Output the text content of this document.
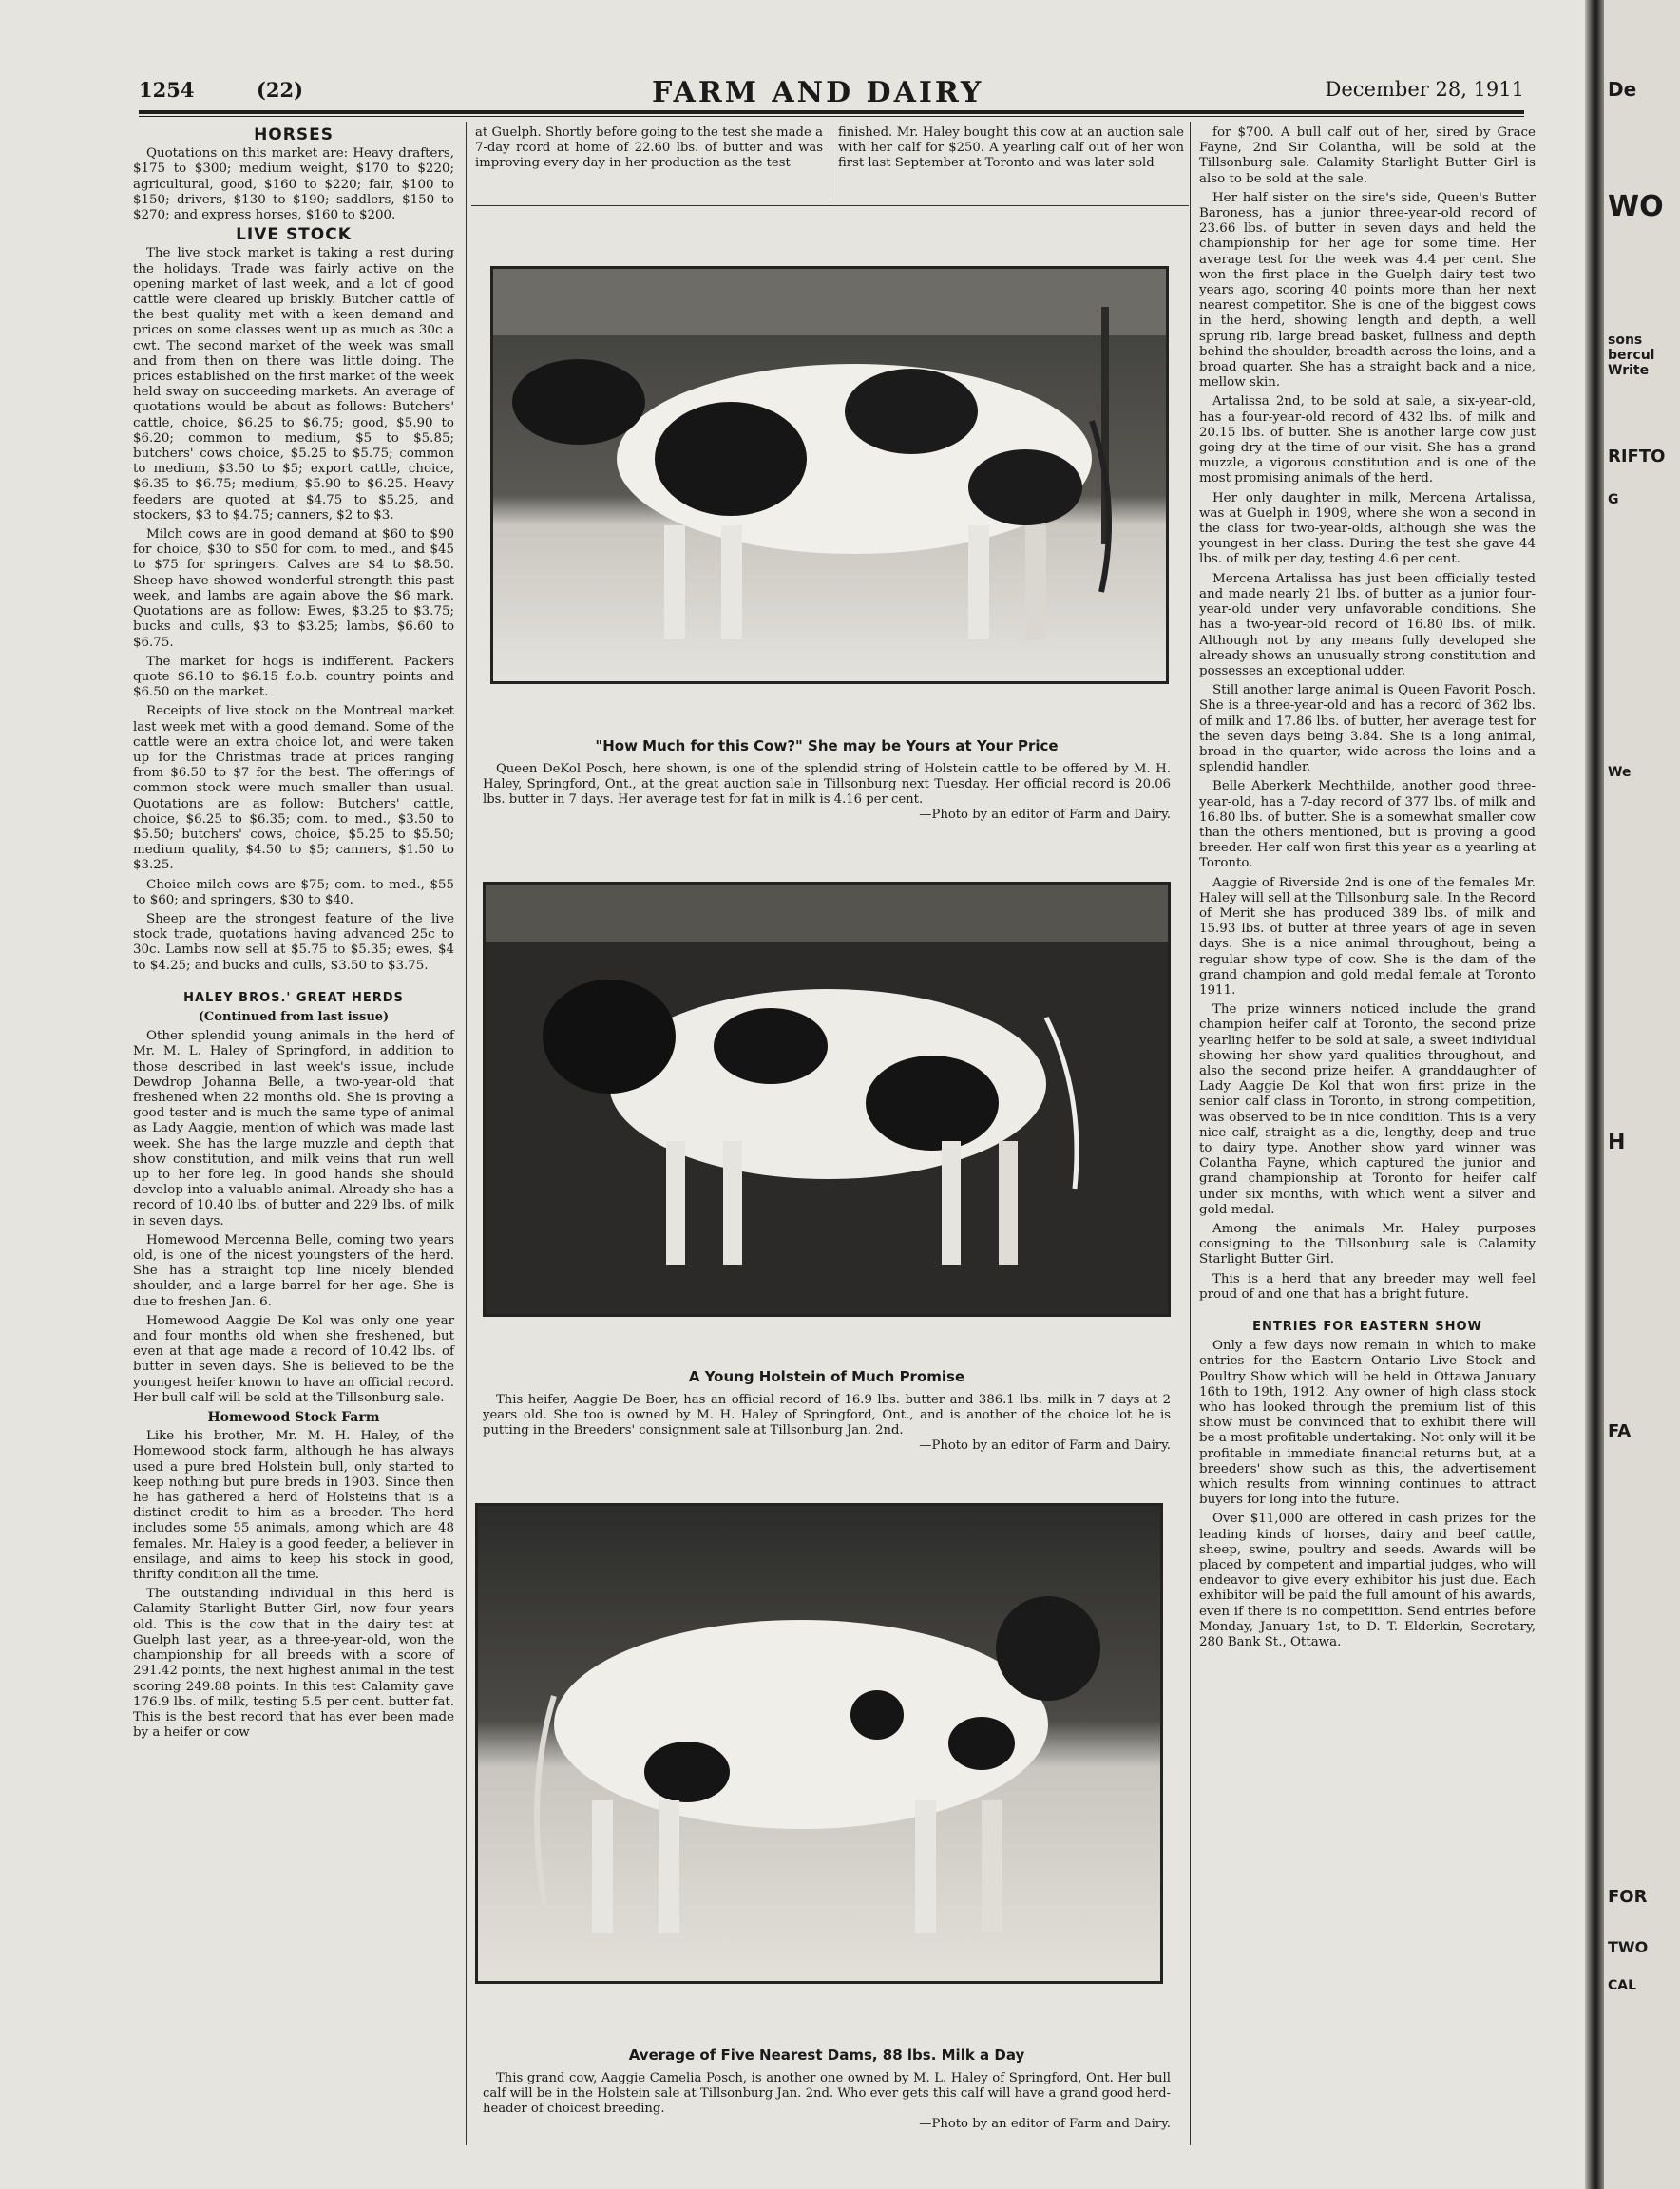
1254	(22)	FARM AND DAIRY	December 28, 1911
HORSES

Quotations on this market are: Heavy drafters, $175 to $300; medium weight, $170 to $220; agricultural, good, $160 to $220; fair, $100 to $150; drivers, $130 to $190; saddlers, $150 to $270; and express horses, $160 to $200.

LIVE STOCK

The live stock market is taking a rest during the holidays. Trade was fairly active on the opening market of last week, and a lot of good cattle were cleared up briskly. Butcher cattle of the best quality met with a keen demand and prices on some classes went up as much as 30c a cwt. The second market of the week was small and from then on there was little doing. The prices established on the first market of the week held sway on succeeding markets. An average of quotations would be about as follows: Butchers' cattle, choice, $6.25 to $6.75; good, $5.90 to $6.20; common to medium, $5 to $5.85; butchers' cows choice, $5.25 to $5.75; common to medium, $3.50 to $5; export cattle, choice, $6.35 to $6.75; medium, $5.90 to $6.25. Heavy feeders are quoted at $4.75 to $5.25, and stockers, $3 to $4.75; canners, $2 to $3.

Milch cows are in good demand at $60 to $90 for choice, $30 to $50 for com. to med., and $45 to $75 for springers. Calves are $4 to $8.50. Sheep have showed wonderful strength this past week, and lambs are again above the $6 mark. Quotations are as follow: Ewes, $3.25 to $3.75; bucks and culls, $3 to $3.25; lambs, $6.60 to $6.75.

The market for hogs is indifferent. Packers quote $6.10 to $6.15 f.o.b. country points and $6.50 on the market.

Receipts of live stock on the Montreal market last week met with a good demand. Some of the cattle were an extra choice lot, and were taken up for the Christmas trade at prices ranging from $6.50 to $7 for the best. The offerings of common stock were much smaller than usual. Quotations are as follow: Butchers' cattle, choice, $6.25 to $6.35; com. to med., $3.50 to $5.50; butchers' cows, choice, $5.25 to $5.50; medium quality, $4.50 to $5; canners, $1.50 to $3.25.

Choice milch cows are $75; com. to med., $55 to $60; and springers, $30 to $40.

Sheep are the strongest feature of the live stock trade, quotations having advanced 25c to 30c. Lambs now sell at $5.75 to $5.35; ewes, $4 to $4.25; and bucks and culls, $3.50 to $3.75.

HALEY BROS.' GREAT HERDS
(Continued from last issue)

Other splendid young animals in the herd of Mr. M. L. Haley of Springford, in addition to those described in last week's issue, include Dewdrop Johanna Belle, a two-year-old that freshened when 22 months old. She is proving a good tester and is much the same type of animal as Lady Aaggie, mention of which was made last week. She has the large muzzle and depth that show constitution, and milk veins that run well up to her fore leg. In good hands she should develop into a valuable animal. Already she has a record of 10.40 lbs. of butter and 229 lbs. of milk in seven days.

Homewood Mercenna Belle, coming two years old, is one of the nicest youngsters of the herd. She has a straight top line nicely blended shoulder, and a large barrel for her age. She is due to freshen Jan. 6.

Homewood Aaggie De Kol was only one year and four months old when she freshened, but even at that age made a record of 10.42 lbs. of butter in seven days. She is believed to be the youngest heifer known to have an official record. Her bull calf will be sold at the Tillsonburg sale.

Homewood Stock Farm

Like his brother, Mr. M. H. Haley, of the Homewood stock farm, although he has always used a pure bred Holstein bull, only started to keep nothing but pure breds in 1903. Since then he has gathered a herd of Holsteins that is a distinct credit to him as a breeder. The herd includes some 55 animals, among which are 48 females. Mr. Haley is a good feeder, a believer in ensilage, and aims to keep his stock in good, thrifty condition all the time.

The outstanding individual in this herd is Calamity Starlight Butter Girl, now four years old. This is the cow that in the dairy test at Guelph last year, as a three-year-old, won the championship for all breeds with a score of 291.42 points, the next highest animal in the test scoring 249.88 points. In this test Calamity gave 176.9 lbs. of milk, testing 5.5 per cent. butter fat. This is the best record that has ever been made by a heifer or cow

at Guelph. Shortly before going to the test she made a 7-day rcord at home of 22.60 lbs. of butter and was improving every day in her production as the test
finished. Mr. Haley bought this cow at an auction sale with her calf for $250. A yearling calf out of her won first last September at Toronto and was later sold
"How Much for this Cow?" She may be Yours at Your Price

Queen DeKol Posch, here shown, is one of the splendid string of Holstein cattle to be offered by M. H. Haley, Springford, Ont., at the great auction sale in Tillsonburg next Tuesday. Her official record is 20.06 lbs. butter in 7 days. Her average test for fat in milk is 4.16 per cent.

—Photo by an editor of Farm and Dairy.
A Young Holstein of Much Promise

This heifer, Aaggie De Boer, has an official record of 16.9 lbs. butter and 386.1 lbs. milk in 7 days at 2 years old. She too is owned by M. H. Haley of Springford, Ont., and is another of the choice lot he is putting in the Breeders' consignment sale at Tillsonburg Jan. 2nd.

—Photo by an editor of Farm and Dairy.
Average of Five Nearest Dams, 88 lbs. Milk a Day

This grand cow, Aaggie Camelia Posch, is another one owned by M. L. Haley of Springford, Ont. Her bull calf will be in the Holstein sale at Tillsonburg Jan. 2nd. Who ever gets this calf will have a grand good herd-header of choicest breeding.

—Photo by an editor of Farm and Dairy.

for $700. A bull calf out of her, sired by Grace Fayne, 2nd Sir Colantha, will be sold at the Tillsonburg sale. Calamity Starlight Butter Girl is also to be sold at the sale.

Her half sister on the sire's side, Queen's Butter Baroness, has a junior three-year-old record of 23.66 lbs. of butter in seven days and held the championship for her age for some time. Her average test for the week was 4.4 per cent. She won the first place in the Guelph dairy test two years ago, scoring 40 points more than her next nearest competitor. She is one of the biggest cows in the herd, showing length and depth, a well sprung rib, large bread basket, fullness and depth behind the shoulder, breadth across the loins, and a broad quarter. She has a straight back and a nice, mellow skin.

Artalissa 2nd, to be sold at sale, a six-year-old, has a four-year-old record of 432 lbs. of milk and 20.15 lbs. of butter. She is another large cow just going dry at the time of our visit. She has a grand muzzle, a vigorous constitution and is one of the most promising animals of the herd.

Her only daughter in milk, Mercena Artalissa, was at Guelph in 1909, where she won a second in the class for two-year-olds, although she was the youngest in her class. During the test she gave 44 lbs. of milk per day, testing 4.6 per cent.

Mercena Artalissa has just been officially tested and made nearly 21 lbs. of butter as a junior four-year-old under very unfavorable conditions. She has a two-year-old record of 16.80 lbs. of milk. Although not by any means fully developed she already shows an unusually strong constitution and possesses an exceptional udder.

Still another large animal is Queen Favorit Posch. She is a three-year-old and has a record of 362 lbs. of milk and 17.86 lbs. of butter, her average test for the seven days being 3.84. She is a long animal, broad in the quarter, wide across the loins and a splendid handler.

Belle Aberkerk Mechthilde, another good three-year-old, has a 7-day record of 377 lbs. of milk and 16.80 lbs. of butter. She is a somewhat smaller cow than the others mentioned, but is proving a good breeder. Her calf won first this year as a yearling at Toronto.

Aaggie of Riverside 2nd is one of the females Mr. Haley will sell at the Tillsonburg sale. In the Record of Merit she has produced 389 lbs. of milk and 15.93 lbs. of butter at three years of age in seven days. She is a nice animal throughout, being a regular show type of cow. She is the dam of the grand champion and gold medal female at Toronto 1911.

The prize winners noticed include the grand champion heifer calf at Toronto, the second prize yearling heifer to be sold at sale, a sweet individual showing her show yard qualities throughout, and also the second prize heifer. A granddaughter of Lady Aaggie De Kol that won first prize in the senior calf class in Toronto, in strong competition, was observed to be in nice condition. This is a very nice calf, straight as a die, lengthy, deep and true to dairy type. Another show yard winner was Colantha Fayne, which captured the junior and grand championship at Toronto for heifer calf under six months, with which went a silver and gold medal.

Among the animals Mr. Haley purposes consigning to the Tillsonburg sale is Calamity Starlight Butter Girl.

This is a herd that any breeder may well feel proud of and one that has a bright future.

ENTRIES FOR EASTERN SHOW

Only a few days now remain in which to make entries for the Eastern Ontario Live Stock and Poultry Show which will be held in Ottawa January 16th to 19th, 1912. Any owner of high class stock who has looked through the premium list of this show must be convinced that to exhibit there will be a most profitable undertaking. Not only will it be profitable in immediate financial returns but, at a breeders' show such as this, the advertisement which results from winning continues to attract buyers for long into the future.

Over $11,000 are offered in cash prizes for the leading kinds of horses, dairy and beef cattle, sheep, swine, poultry and seeds. Awards will be placed by competent and impartial judges, who will endeavor to give every exhibitor his just due. Each exhibitor will be paid the full amount of his awards, even if there is no competition. Send entries before Monday, January 1st, to D. T. Elderkin, Secretary, 280 Bank St., Ottawa.

De
WO
sons
bercul
Write
RIFTO
G
We
H
FA
FOR
TWO
CAL
